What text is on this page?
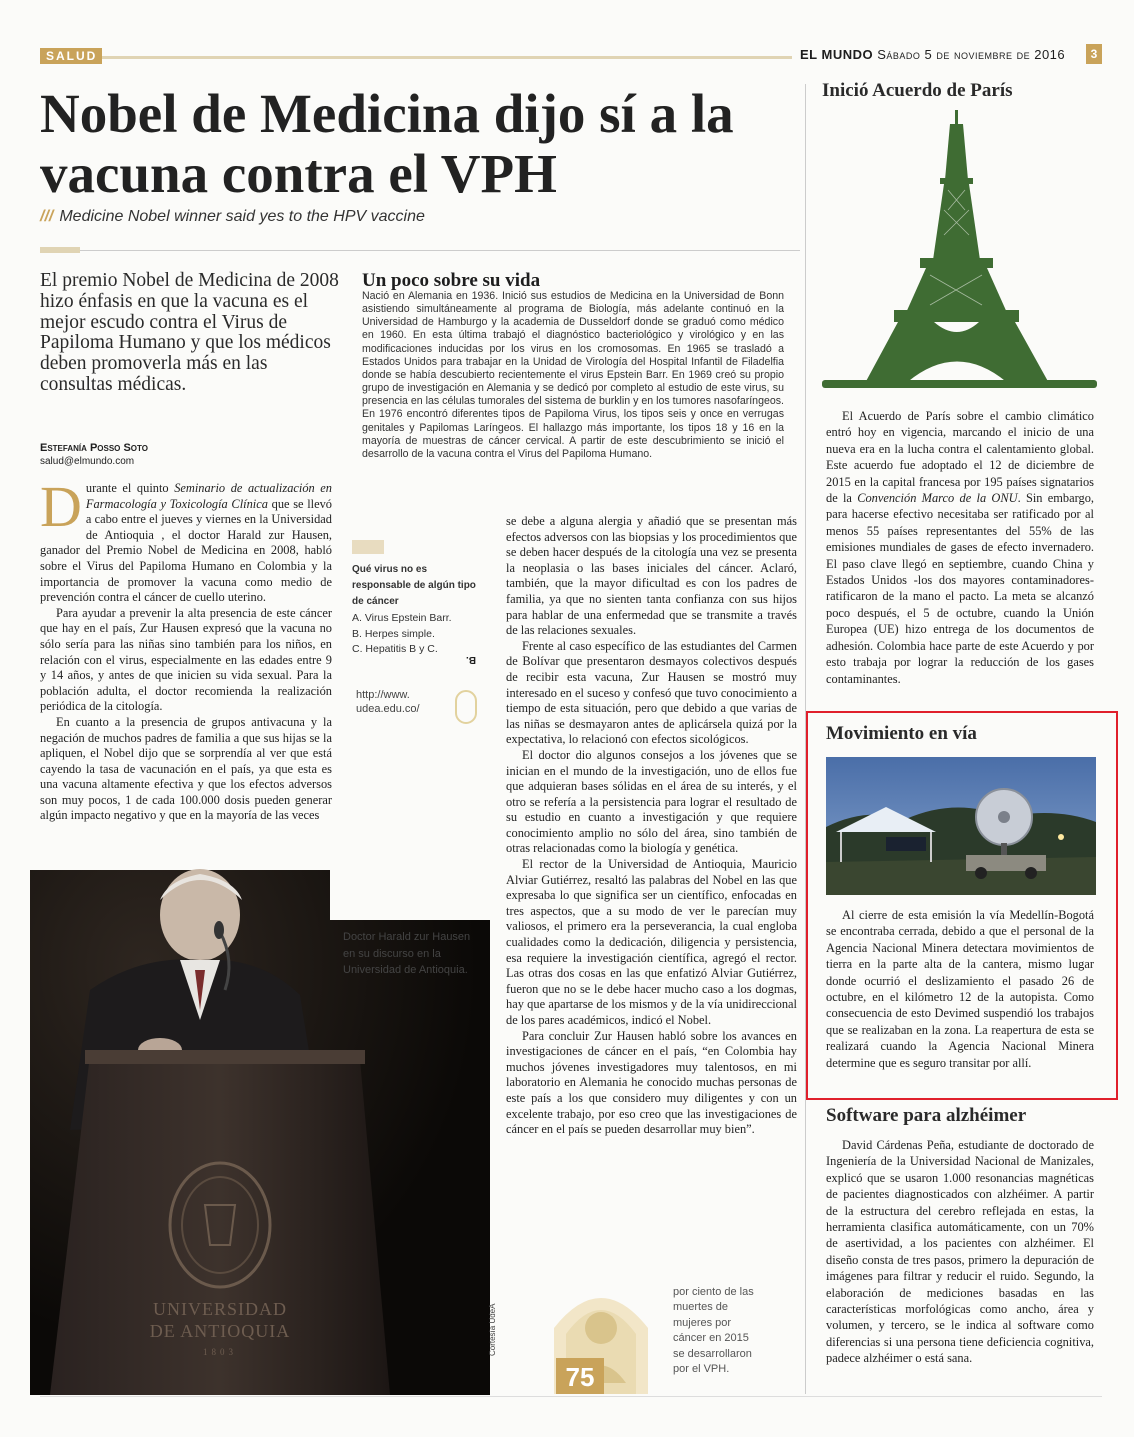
SALUD	EL MUNDO Sábado 5 de noviembre de 2016	3
Nobel de Medicina dijo sí a la vacuna contra el VPH
/// Medicine Nobel winner said yes to the HPV vaccine
El premio Nobel de Medicina de 2008 hizo énfasis en que la vacuna es el mejor escudo contra el Virus de Papiloma Humano y que los médicos deben promoverla más en las consultas médicas.
Estefanía Posso Soto
salud@elmundo.com
Un poco sobre su vida
Nació en Alemania en 1936. Inició sus estudios de Medicina en la Universidad de Bonn asistiendo simultáneamente al programa de Biología, más adelante continuó en la Universidad de Hamburgo y la academia de Dusseldorf donde se graduó como médico en 1960. En esta última trabajó el diagnóstico bacteriológico y virológico y en las modificaciones inducidas por los virus en los cromosomas. En 1965 se trasladó a Estados Unidos para trabajar en la Unidad de Virología del Hospital Infantil de Filadelfia donde se había descubierto recientemente el virus Epstein Barr. En 1969 creó su propio grupo de investigación en Alemania y se dedicó por completo al estudio de este virus, su presencia en las células tumorales del sistema de burklin y en los tumores nasofaríngeos. En 1976 encontró diferentes tipos de Papiloma Virus, los tipos seis y once en verrugas genitales y Papilomas Laríngeos. El hallazgo más importante, los tipos 18 y 16 en la mayoría de muestras de cáncer cervical. A partir de este descubrimiento se inició el desarrollo de la vacuna contra el Virus del Papiloma Humano.

Durante el quinto Seminario de actualización en Farmacología y Toxicología Clínica que se llevó a cabo entre el jueves y viernes en la Universidad de Antioquia , el doctor Harald zur Hausen, ganador del Premio Nobel de Medicina en 2008, habló sobre el Virus del Papiloma Humano en Colombia y la importancia de promover la vacuna como medio de prevención contra el cáncer de cuello uterino.

Para ayudar a prevenir la alta presencia de este cáncer que hay en el país, Zur Hausen expresó que la vacuna no sólo sería para las niñas sino también para los niños, en relación con el virus, especialmente en las edades entre 9 y 14 años, y antes de que inicien su vida sexual. Para la población adulta, el doctor recomienda la realización periódica de la citología.

En cuanto a la presencia de grupos antivacuna y la negación de muchos padres de familia a que sus hijas se la apliquen, el Nobel dijo que se sorprendía al ver que está cayendo la tasa de vacunación en el país, ya que esta es una vacuna altamente efectiva y que los efectos adversos son muy pocos, 1 de cada 100.000 dosis pueden generar algún impacto negativo y que en la mayoría de las veces

Qué virus no es responsable de algún tipo de cáncer
A. Virus Epstein Barr.
B. Herpes simple.
C. Hepatitis B y C.
B.
http://www.
udea.edu.co/

se debe a alguna alergia y añadió que se presentan más efectos adversos con las biopsias y los procedimientos que se deben hacer después de la citología una vez se presenta la neoplasia o las bases iniciales del cáncer. Aclaró, también, que la mayor dificultad es con los padres de familia, ya que no sienten tanta confianza con sus hijos para hablar de una enfermedad que se transmite a través de las relaciones sexuales.

Frente al caso específico de las estudiantes del Carmen de Bolívar que presentaron desmayos colectivos después de recibir esta vacuna, Zur Hausen se mostró muy interesado en el suceso y confesó que tuvo conocimiento a tiempo de esta situación, pero que debido a que varias de las niñas se desmayaron antes de aplicársela quizá por la expectativa, lo relacionó con efectos sicológicos.

El doctor dio algunos consejos a los jóvenes que se inician en el mundo de la investigación, uno de ellos fue que adquieran bases sólidas en el área de su interés, y el otro se refería a la persistencia para lograr el resultado de su estudio en cuanto a investigación y que requiere conocimiento amplio no sólo del área, sino también de otras relacionadas como la biología y genética.

El rector de la Universidad de Antioquia, Mauricio Alviar Gutiérrez, resaltó las palabras del Nobel en las que expresaba lo que significa ser un científico, enfocadas en tres aspectos, que a su modo de ver le parecían muy valiosos, el primero era la perseverancia, la cual engloba cualidades como la dedicación, diligencia y persistencia, esa requiere la investigación científica, agregó el rector. Las otras dos cosas en las que enfatizó Alviar Gutiérrez, fueron que no se le debe hacer mucho caso a los dogmas, hay que apartarse de los mismos y de la vía unidireccional de los pares académicos, indicó el Nobel.

Para concluir Zur Hausen habló sobre los avances en investigaciones de cáncer en el país, “en Colombia hay muchos jóvenes investigadores muy talentosos, en mi laboratorio en Alemania he conocido muchas personas de este país a los que considero muy diligentes y con un excelente trabajo, por eso creo que las investigaciones de cáncer en el país se pueden desarrollar muy bien”.

UNIVERSIDAD
DE ANTIOQUIA
1803
Doctor Harald zur Hausen en su discurso en la Universidad de Antioquia.
Cortesía UdeA
75
por ciento de las muertes de mujeres por cáncer en 2015 se desarrollaron por el VPH.
Inició Acuerdo de París

El Acuerdo de París sobre el cambio climático entró hoy en vigencia, marcando el inicio de una nueva era en la lucha contra el calentamiento global. Este acuerdo fue adoptado el 12 de diciembre de 2015 en la capital francesa por 195 países signatarios de la Convención Marco de la ONU. Sin embargo, para hacerse efectivo necesitaba ser ratificado por al menos 55 países representantes del 55% de las emisiones mundiales de gases de efecto invernadero. El paso clave llegó en septiembre, cuando China y Estados Unidos -los dos mayores contaminadores- ratificaron de la mano el pacto. La meta se alcanzó poco después, el 5 de octubre, cuando la Unión Europea (UE) hizo entrega de los documentos de adhesión. Colombia hace parte de este Acuerdo y por esto trabaja por lograr la reducción de los gases contaminantes.

Movimiento en vía

Al cierre de esta emisión la vía Medellín-Bogotá se encontraba cerrada, debido a que el personal de la Agencia Nacional Minera detectara movimientos de tierra en la parte alta de la cantera, mismo lugar donde ocurrió el deslizamiento el pasado 26 de octubre, en el kilómetro 12 de la autopista. Como consecuencia de esto Devimed suspendió los trabajos que se realizaban en la zona. La reapertura de esta se realizará cuando la Agencia Nacional Minera determine que es seguro transitar por allí.

Software para alzhéimer

David Cárdenas Peña, estudiante de doctorado de Ingeniería de la Universidad Nacional de Manizales, explicó que se usaron 1.000 resonancias magnéticas de pacientes diagnosticados con alzhéimer. A partir de la estructura del cerebro reflejada en estas, la herramienta clasifica automáticamente, con un 70% de asertividad, a los pacientes con alzhéimer. El diseño consta de tres pasos, primero la depuración de imágenes para filtrar y reducir el ruido. Segundo, la elaboración de mediciones basadas en las características morfológicas como ancho, área y volumen, y tercero, se le indica al software como diferencias si una persona tiene deficiencia cognitiva, padece alzhéimer o está sana.
